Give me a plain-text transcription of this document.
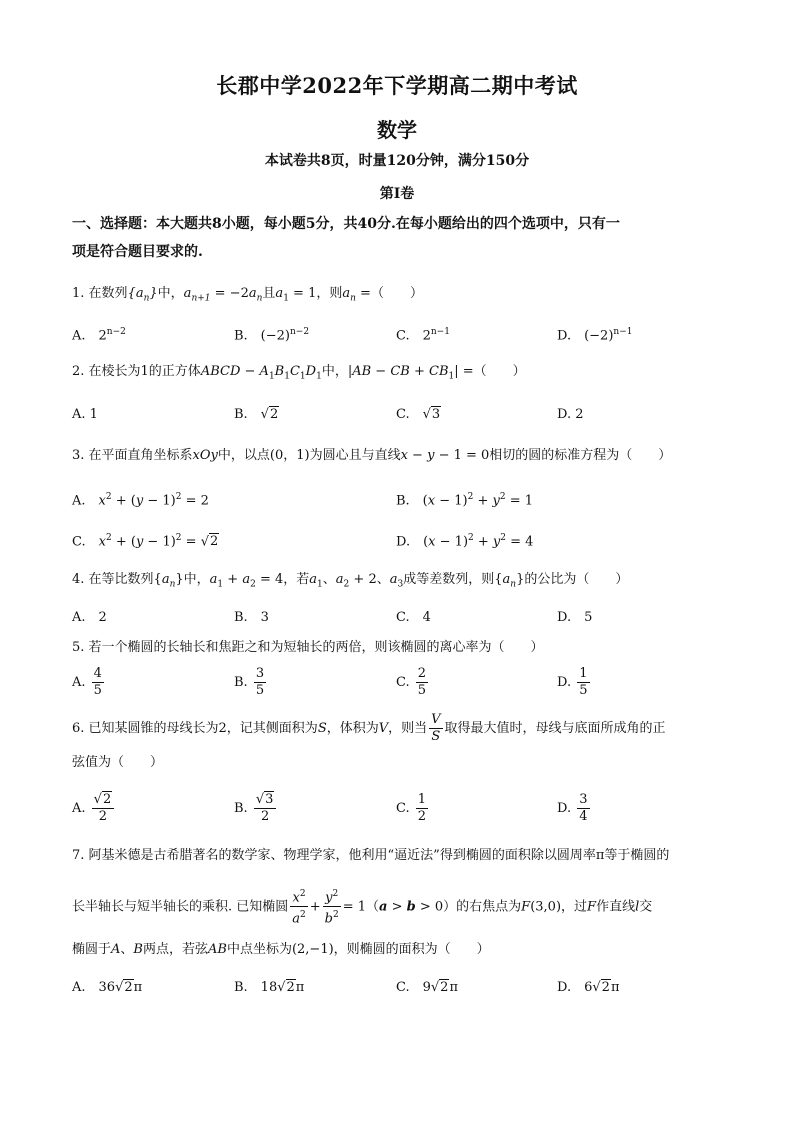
长郡中学2022年下学期高二期中考试
数学
本试卷共8页，时量120分钟，满分150分
第Ⅰ卷
一、选择题：本大题共8小题，每小题5分，共40分.在每小题给出的四个选项中，只有一
项是符合题目要求的.
1. 在数列$\{a_n\}$中，$a_{n+1} = -2a_n$且$a_1 = 1$，则$a_n$ =（　　）
A.　$2^{n-2}$	B.　$(-2)^{n-2}$	C.　$2^{n-1}$	D.　$(-2)^{n-1}$
2. 在棱长为1的正方体ABCD − $A_1B_1C_1D_1$中，|AB − CB + $CB_1|$ =（　　）
A. 1	B.　√2	C.　√3	D. 2
3. 在平面直角坐标系xOy中，以点(0，1)为圆心且与直线x − y − 1 = 0相切的圆的标准方程为（　　）
A.　$x^2 + (y - 1)^2 = 2$	B.　$(x - 1)^2 + y^2 = 1$
C.　$x^2 + (y - 1)^2 = √2$	D.　$(x - 1)^2 + y^2 = 4$
4. 在等比数列$\{a_n\}$中，$a_1 + a_2 = 4$，若$a_1$、$a_2 + 2$、$a_3$成等差数列，则$\{a_n\}$的公比为（　　）
A.　2	B.　3	C.　4	D.　5
5. 若一个椭圆的长轴长和焦距之和为短轴长的两倍，则该椭圆的离心率为（　　）
A. $\frac{4}{5}$	B. $\frac{3}{5}$	C. $\frac{2}{5}$	D. $\frac{1}{5}$
6. 已知某圆锥的母线长为2，记其侧面积为S，体积为V，则当 $\frac{V}{S}$ 取得最大值时，母线与底面所成角的正
弦值为（　　）
A. $\frac{√2}{2}$	B. $\frac{√3}{2}$	C. $\frac{1}{2}$	D. $\frac{3}{4}$
7. 阿基米德是古希腊著名的数学家、物理学家，他利用“逼近法”得到椭圆的面积除以圆周率π等于椭圆的
长半轴长与短半轴长的乘积. 已知椭圆 $\frac{x^2}{a^2} + \frac{y^2}{b^2} = 1(a > b > 0)$的右焦点为F(3,0)，过F作直线l交
椭圆于A、B两点，若弦AB中点坐标为(2,−1)，则椭圆的面积为（　　）
A.　36√2π	B.　18√2π	C.　9√2π	D.　6√2π
